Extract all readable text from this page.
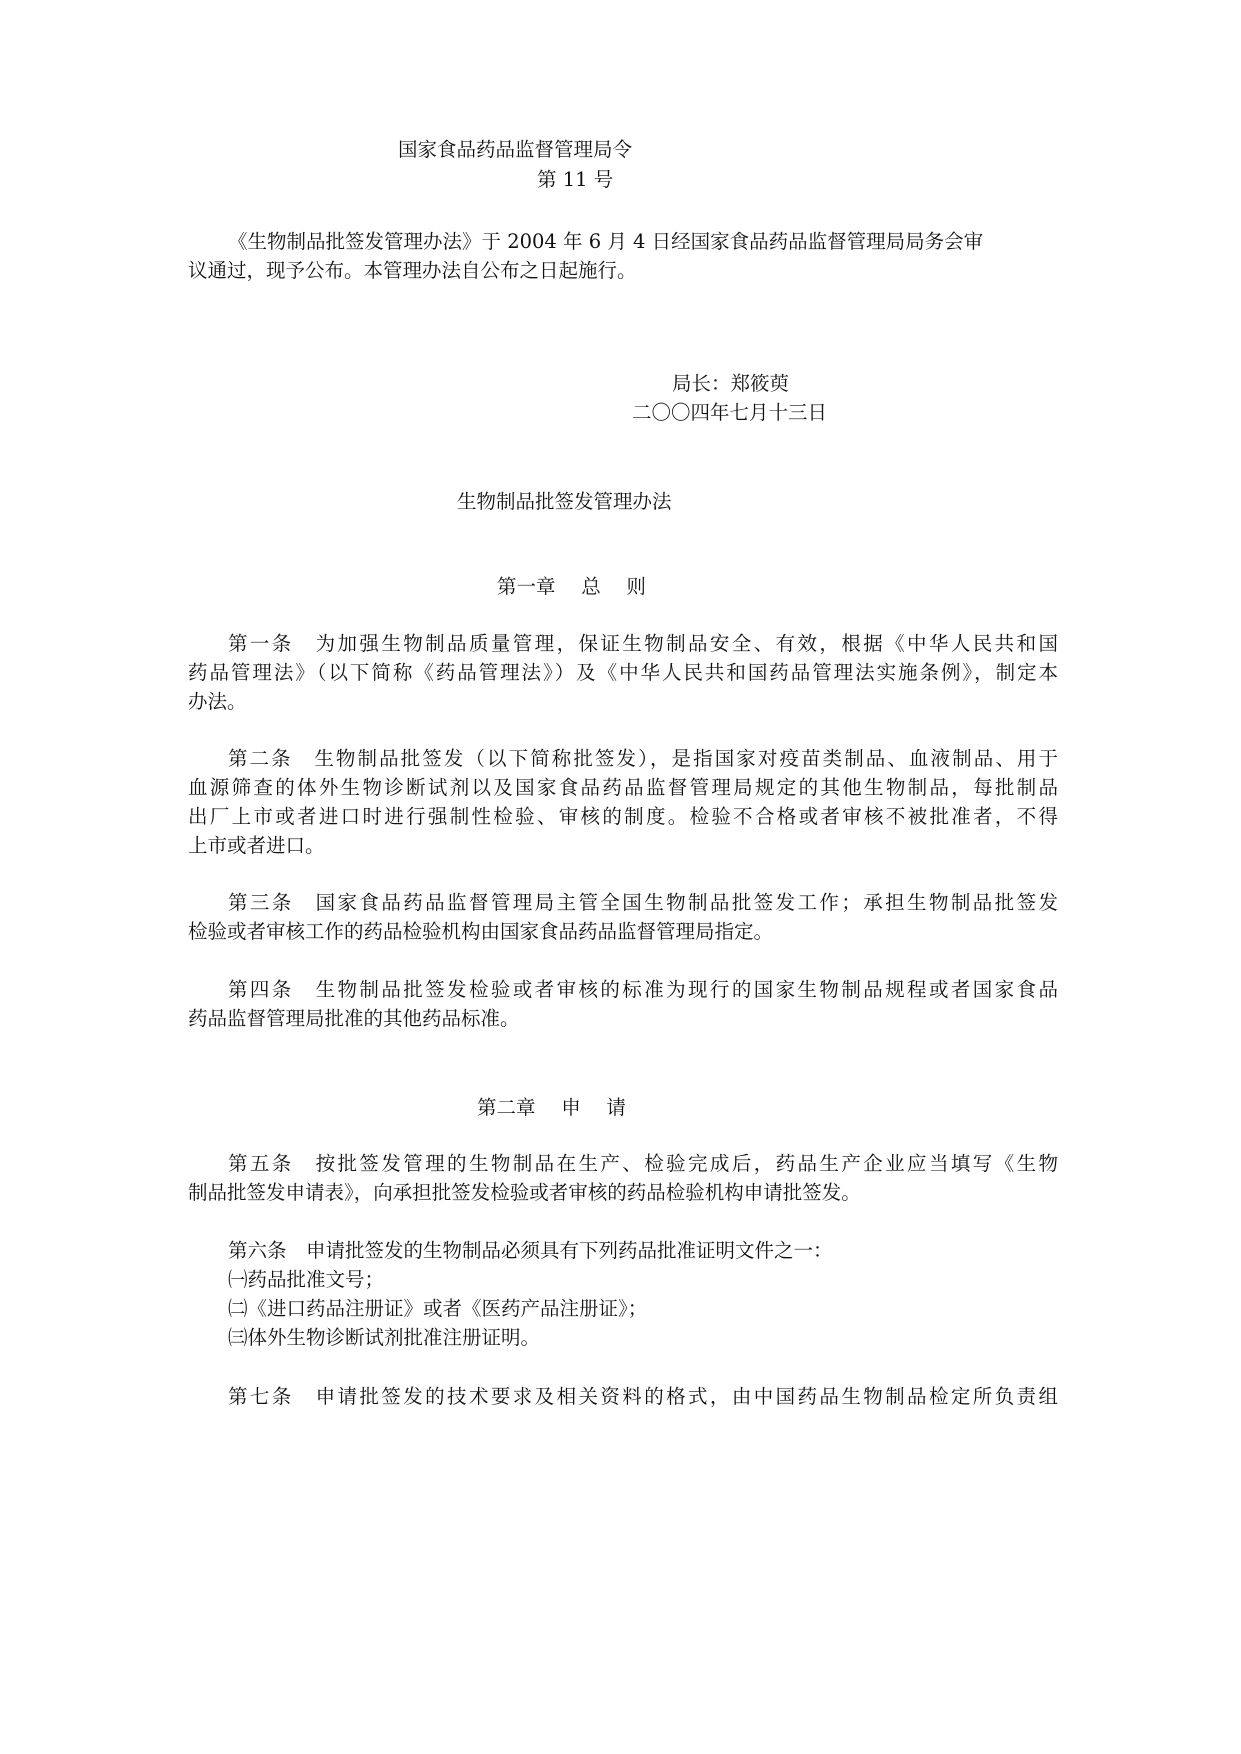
国家食品药品监督管理局令
第 11 号
《生物制品批签发管理办法》于 2004 年 6 月 4 日经国家食品药品监督管理局局务会审
议通过，现予公布。本管理办法自公布之日起施行。
局长：郑筱萸
二〇〇四年七月十三日
生物制品批签发管理办法
第一章　 总　 则
第一条　为加强生物制品质量管理，保证生物制品安全、有效，根据《中华人民共和国
药品管理法》（以下简称《药品管理法》）及《中华人民共和国药品管理法实施条例》，制定本
办法。
第二条　生物制品批签发（以下简称批签发），是指国家对疫苗类制品、血液制品、用于
血源筛查的体外生物诊断试剂以及国家食品药品监督管理局规定的其他生物制品，每批制品
出厂上市或者进口时进行强制性检验、审核的制度。检验不合格或者审核不被批准者，不得
上市或者进口。
第三条　国家食品药品监督管理局主管全国生物制品批签发工作；承担生物制品批签发
检验或者审核工作的药品检验机构由国家食品药品监督管理局指定。
第四条　生物制品批签发检验或者审核的标准为现行的国家生物制品规程或者国家食品
药品监督管理局批准的其他药品标准。
第二章　 申　 请
第五条　按批签发管理的生物制品在生产、检验完成后，药品生产企业应当填写《生物
制品批签发申请表》，向承担批签发检验或者审核的药品检验机构申请批签发。
第六条　申请批签发的生物制品必须具有下列药品批准证明文件之一：
㈠药品批准文号；
㈡《进口药品注册证》或者《医药产品注册证》；
㈢体外生物诊断试剂批准注册证明。
第七条　申请批签发的技术要求及相关资料的格式，由中国药品生物制品检定所负责组
